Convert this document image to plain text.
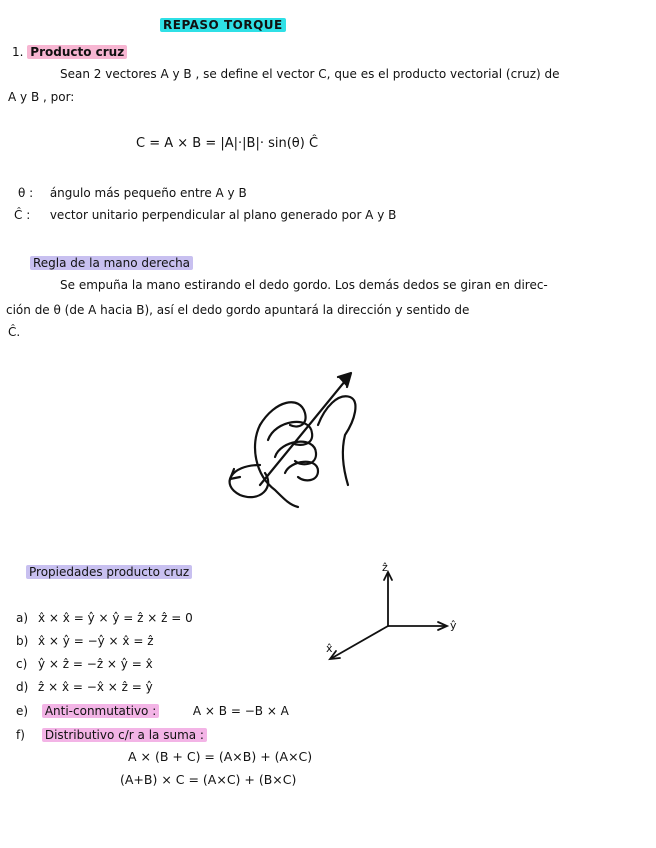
REPASO TORQUE
1. Producto cruz
Sean 2 vectores A y B , se define el vector C, que es el producto vectorial (cruz) de
A y B , por:
C = A × B = |A|·|B|· sin(θ) Ĉ
θ : ángulo más pequeño entre A y B
Ĉ : vector unitario perpendicular al plano generado por A y B
Regla de la mano derecha
Se empuña la mano estirando el dedo gordo. Los demás dedos se giran en direc-
ción de θ (de A hacia B), así el dedo gordo apuntará la dirección y sentido de
Ĉ.
Propiedades producto cruz	ẑ
ŷ
x̂
a) x̂ × x̂ = ŷ × ŷ = ẑ × ẑ = 0
b) x̂ × ŷ = −ŷ × x̂ = ẑ
c) ŷ × ẑ = −ẑ × ŷ = x̂
d) ẑ × x̂ = −x̂ × ẑ = ŷ
e) Anti-conmutativo :	A × B = −B × A
f) Distributivo c/r a la suma :
A × (B + C) = (A×B) + (A×C)
(A+B) × C = (A×C) + (B×C)
